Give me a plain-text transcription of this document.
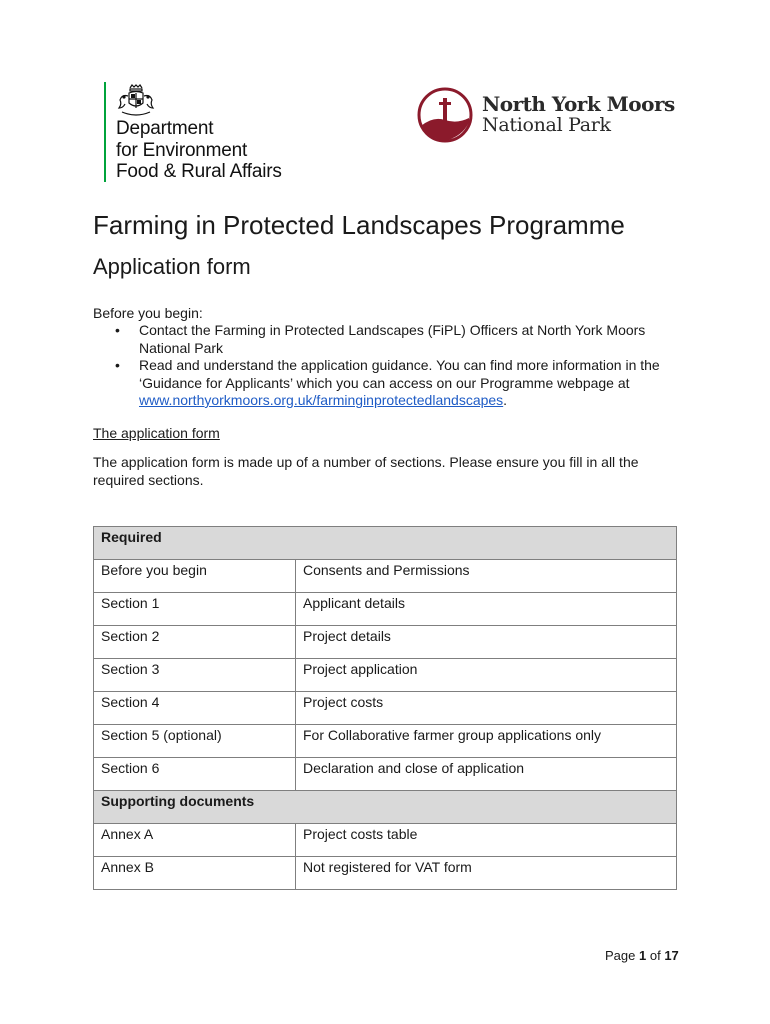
Department
for Environment
Food & Rural Affairs
North York Moors
National Park
Farming in Protected Landscapes Programme
Application form
Before you begin:
• Contact the Farming in Protected Landscapes (FiPL) Officers at North York Moors National Park
• Read and understand the application guidance. You can find more information in the ‘Guidance for Applicants’ which you can access on our Programme webpage at www.northyorkmoors.org.uk/farminginprotectedlandscapes.
The application form
The application form is made up of a number of sections. Please ensure you fill in all the required sections.
Required	
Before you begin	Consents and Permissions
Section 1	Applicant details
Section 2	Project details
Section 3	Project application
Section 4	Project costs
Section 5 (optional)	For Collaborative farmer group applications only
Section 6	Declaration and close of application
Supporting documents	
Annex A	Project costs table
Annex B	Not registered for VAT form
Page 1 of 17
